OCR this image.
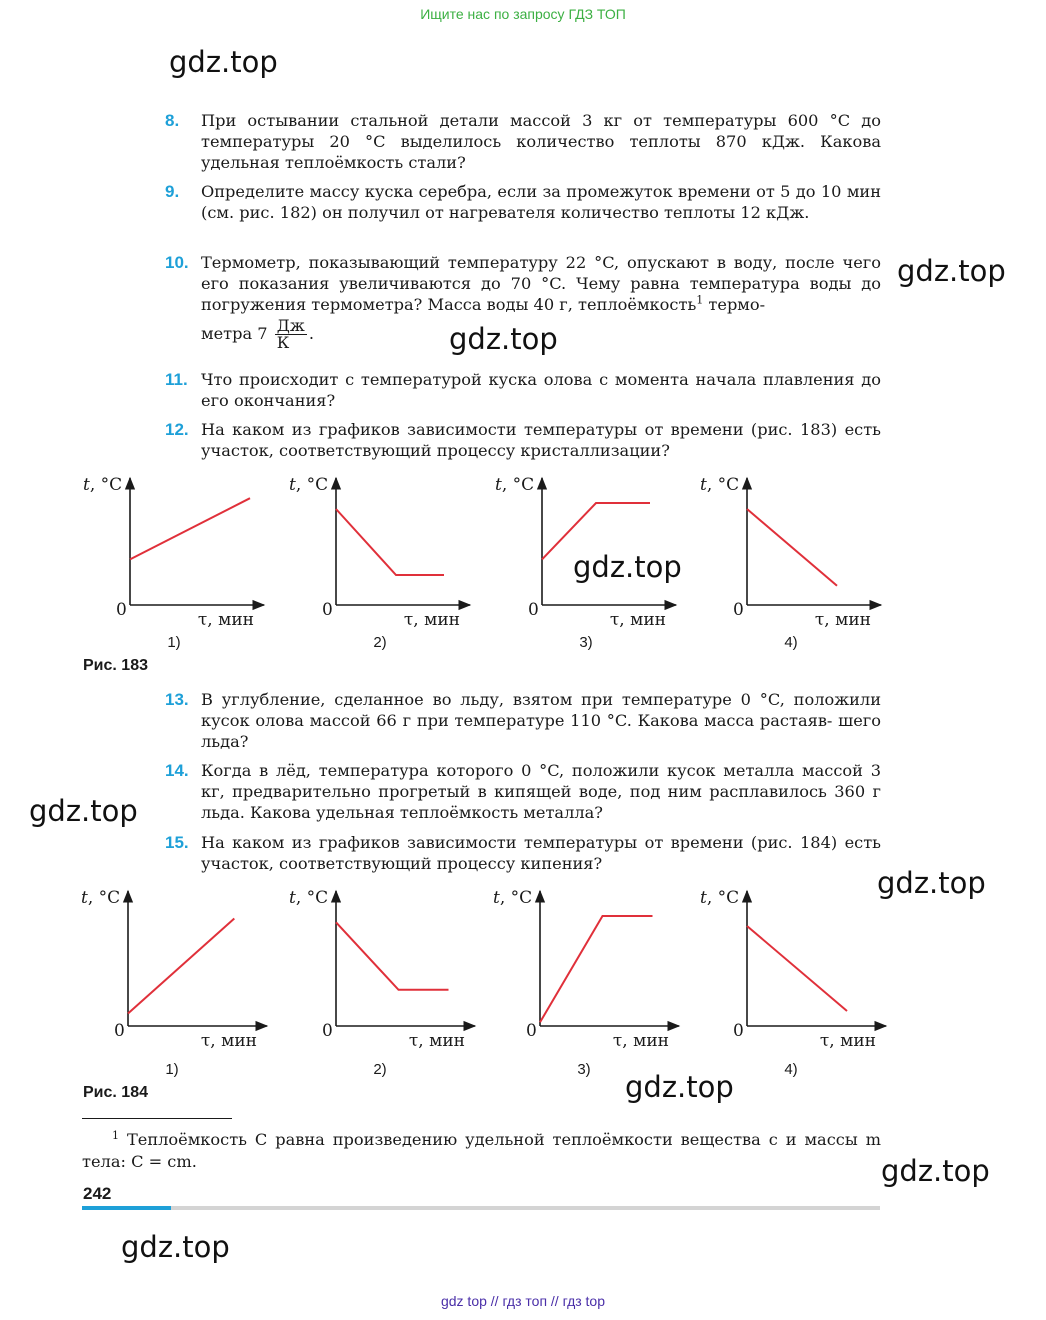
Ищите нас по запросу ГДЗ ТОП
gdz.top
gdz.top
gdz.top
gdz.top
gdz.top
gdz.top
gdz.top
gdz.top
gdz.top
8. При остывании стальной детали массой 3 кг от температуры 600 °C до температуры 20 °C выделилось количество теплоты 870 кДж. Какова удельная теплоёмкость стали?
9. Определите массу куска серебра, если за промежуток времени от 5 до 10 мин (см. рис. 182) он получил от нагревателя количество теплоты 12 кДж.
10. Термометр, показывающий температуру 22 °C, опускают в воду, после чего его показания увеличиваются до 70 °C. Чему равна температура воды до погружения термометра? Масса воды 40 г, теплоёмкость$^1$ термо-
метра $7 \frac{Дж}{К}$ .
11. Что происходит с температурой куска олова с момента начала плавления до его окончания?
12. На каком из графиков зависимости температуры от времени (рис. 183) есть участок, соответствующий процессу кристаллизации?
t, °C
0	τ, мин
1)
t, °C
0	τ, мин
2)
t, °C
0	τ, мин
3)
t, °C
0	τ, мин
4)
Рис. 183
13. В углубление, сделанное во льду, взятом при температуре 0 °C, положили кусок олова массой 66 г при температуре 110 °C. Какова масса растаяв- шего льда?
14. Когда в лёд, температура которого 0 °C, положили кусок металла массой 3 кг, предварительно прогретый в кипящей воде, под ним расплавилось 360 г льда. Какова удельная теплоёмкость металла?
15. На каком из графиков зависимости температуры от времени (рис. 184) есть участок, соответствующий процессу кипения?
t, °C
0	τ, мин
1)
t, °C
0	τ, мин
2)
t, °C
0	τ, мин
3)
t, °C
0	τ, мин
4)
Рис. 184
$^1$ Теплоёмкость C равна произведению удельной теплоёмкости вещества c и массы m тела: C = cm.
242
gdz top // гдз топ // гдз top
